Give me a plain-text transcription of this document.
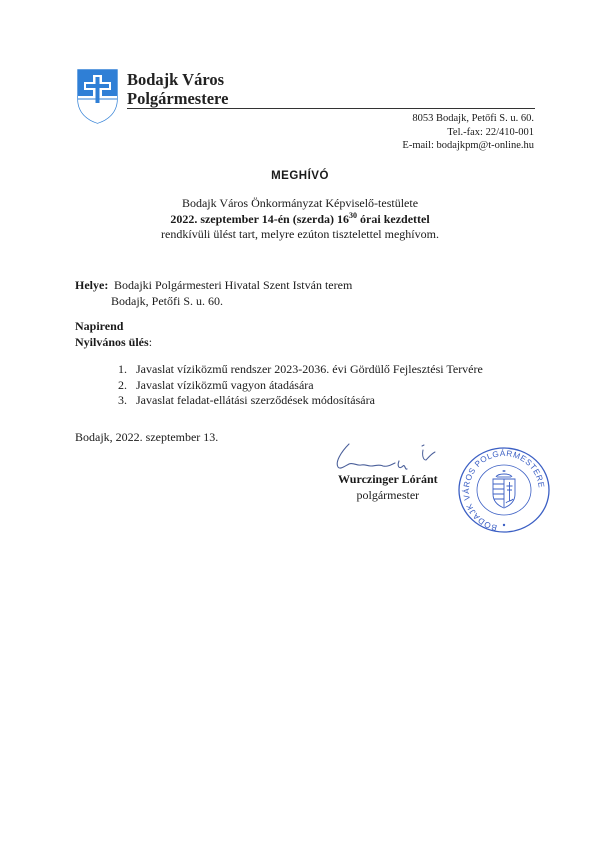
Bodajk Város
Polgármestere
8053 Bodajk, Petőfi S. u. 60.
Tel.-fax: 22/410-001
E-mail: bodajkpm@t-online.hu
MEGHÍVÓ
Bodajk Város Önkormányzat Képviselő-testülete
2022. szeptember 14-én (szerda) $16^{30}$ órai kezdettel
rendkívüli ülést tart, melyre ezúton tisztelettel meghívom.
Helye: Bodajki Polgármesteri Hivatal Szent István terem
Bodajk, Petőfi S. u. 60.
Napirend
Nyilvános ülés:
1. Javaslat víziközmű rendszer 2023-2036. évi Gördülő Fejlesztési Tervére
2. Javaslat víziközmű vagyon átadására
3. Javaslat feladat-ellátási szerződések módosítására
Bodajk, 2022. szeptember 13.
Wurczinger Lóránt
polgármester
BODAJK VÁROS POLGÁRMESTERE
